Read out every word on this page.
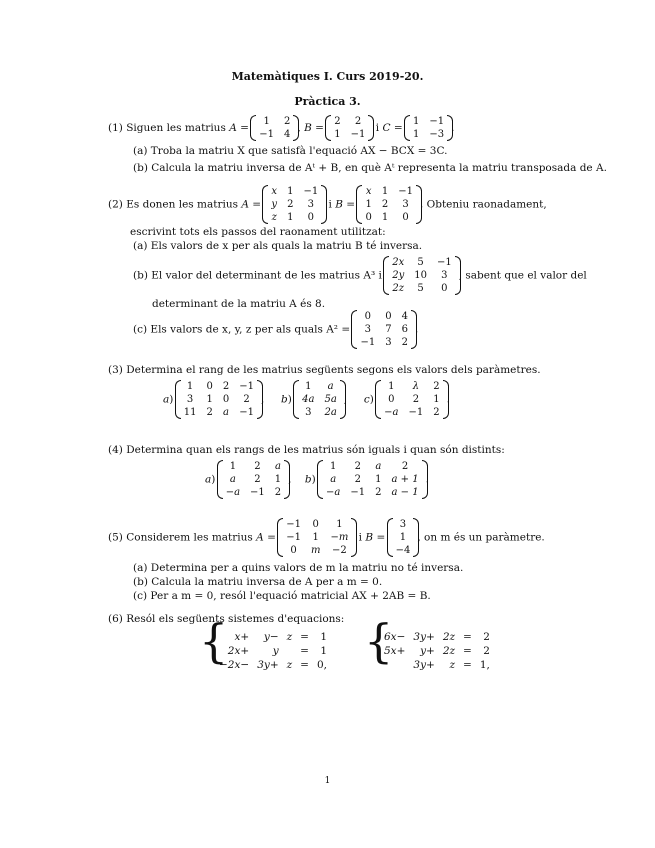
Matemàtiques I. Curs 2019-20.
Pràctica 3.
(1) Siguen les matrius A =
1	2
−1	4
, B =
2	2
1	−1
i C =
1	−1
1	−3
.
(a) Troba la matriu X que satisfà l'equació AX − BCX = 3C.
(b) Calcula la matriu inversa de Aᵗ + B, en què Aᵗ representa la matriu transposada de A.
(2) Es donen les matrius A =
x	1	−1
y	2	3
z	1	0
i B =
x	1	−1
1	2	3
0	1	0
. Obteniu raonadament,
escrivint tots els passos del raonament utilitzat:
(a) Els valors de x per als quals la matriu B té inversa.
(b) El valor del determinant de les matrius A³ i
2x	5	−1
2y	10	3
2z	5	0
, sabent que el valor del
determinant de la matriu A és 8.
(c) Els valors de x, y, z per als quals A² =
0	0	4
3	7	6
−1	3	2
.
(3) Determina el rang de les matrius següents segons els valors dels paràmetres.
a)
1	0	2	−1
3	1	0	2
11	2	a	−1
,     b)
1	a
4a	5a
3	2a
,     c)
1	λ	2
0	2	1
−a	−1	2
.
(4) Determina quan els rangs de les matrius són iguals i quan són distints:
a)
1	2	a
a	2	1
−a	−1	2
,    b)
1	2	a	2
a	2	1	a + 1
−a	−1	2	a − 1
.
(5) Considerem les matrius A =
−1	0	1
−1	1	−m
0	m	−2
i B =
3
1
−4
, on m és un paràmetre.
(a) Determina per a quins valors de m la matriu no té inversa.
(b) Calcula la matriu inversa de A per a m = 0.
(c) Per a m = 0, resól l'equació matricial AX + 2AB = B.
(6) Resól els següents sistemes d'equacions:
{ x+	y−	z	=	1
2x+	y		=	1
−2x−	3y+	z	=	0,
{ 6x−	3y+	2z	=	2
5x+	y+	2z	=	2
	3y+	z	=	1,
1
